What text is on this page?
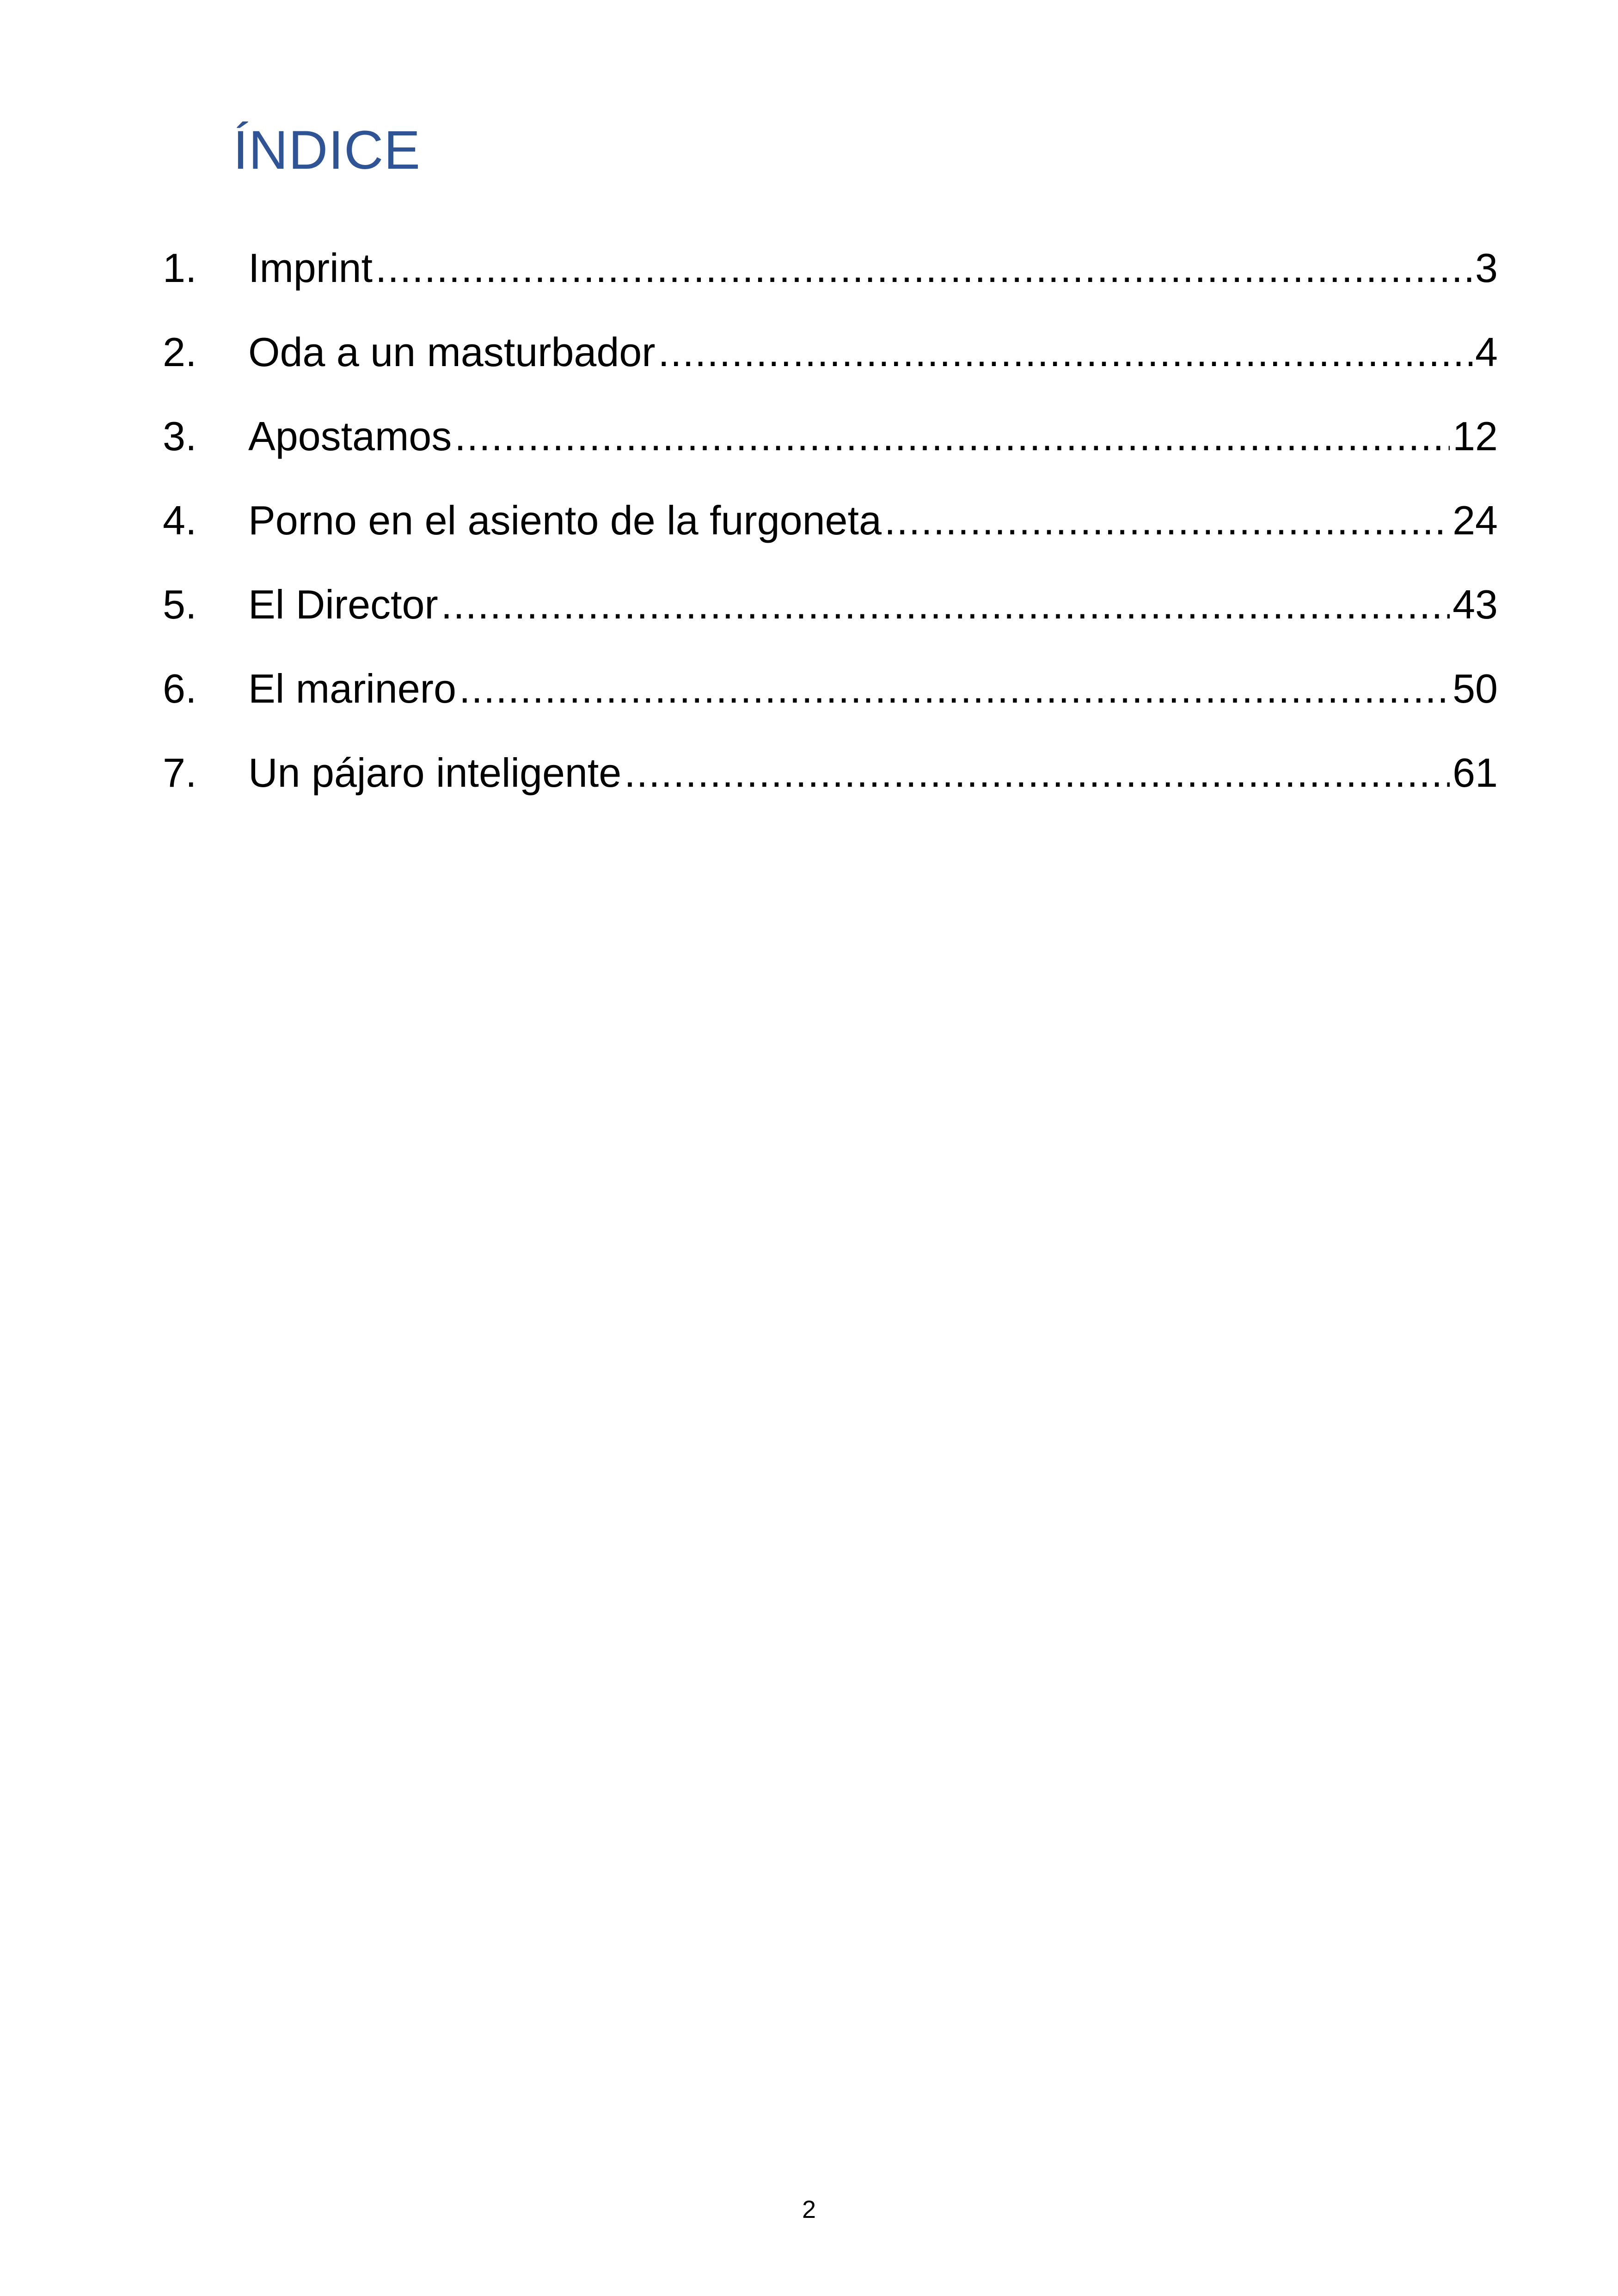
ÍNDICE
1.	Imprint .....	3
2.	Oda a un masturbador .....	4
3.	Apostamos .....	12
4.	Porno en el asiento de la furgoneta .....	24
5.	El Director .....	43
6.	El marinero .....	50
7.	Un pájaro inteligente .....	61
2
